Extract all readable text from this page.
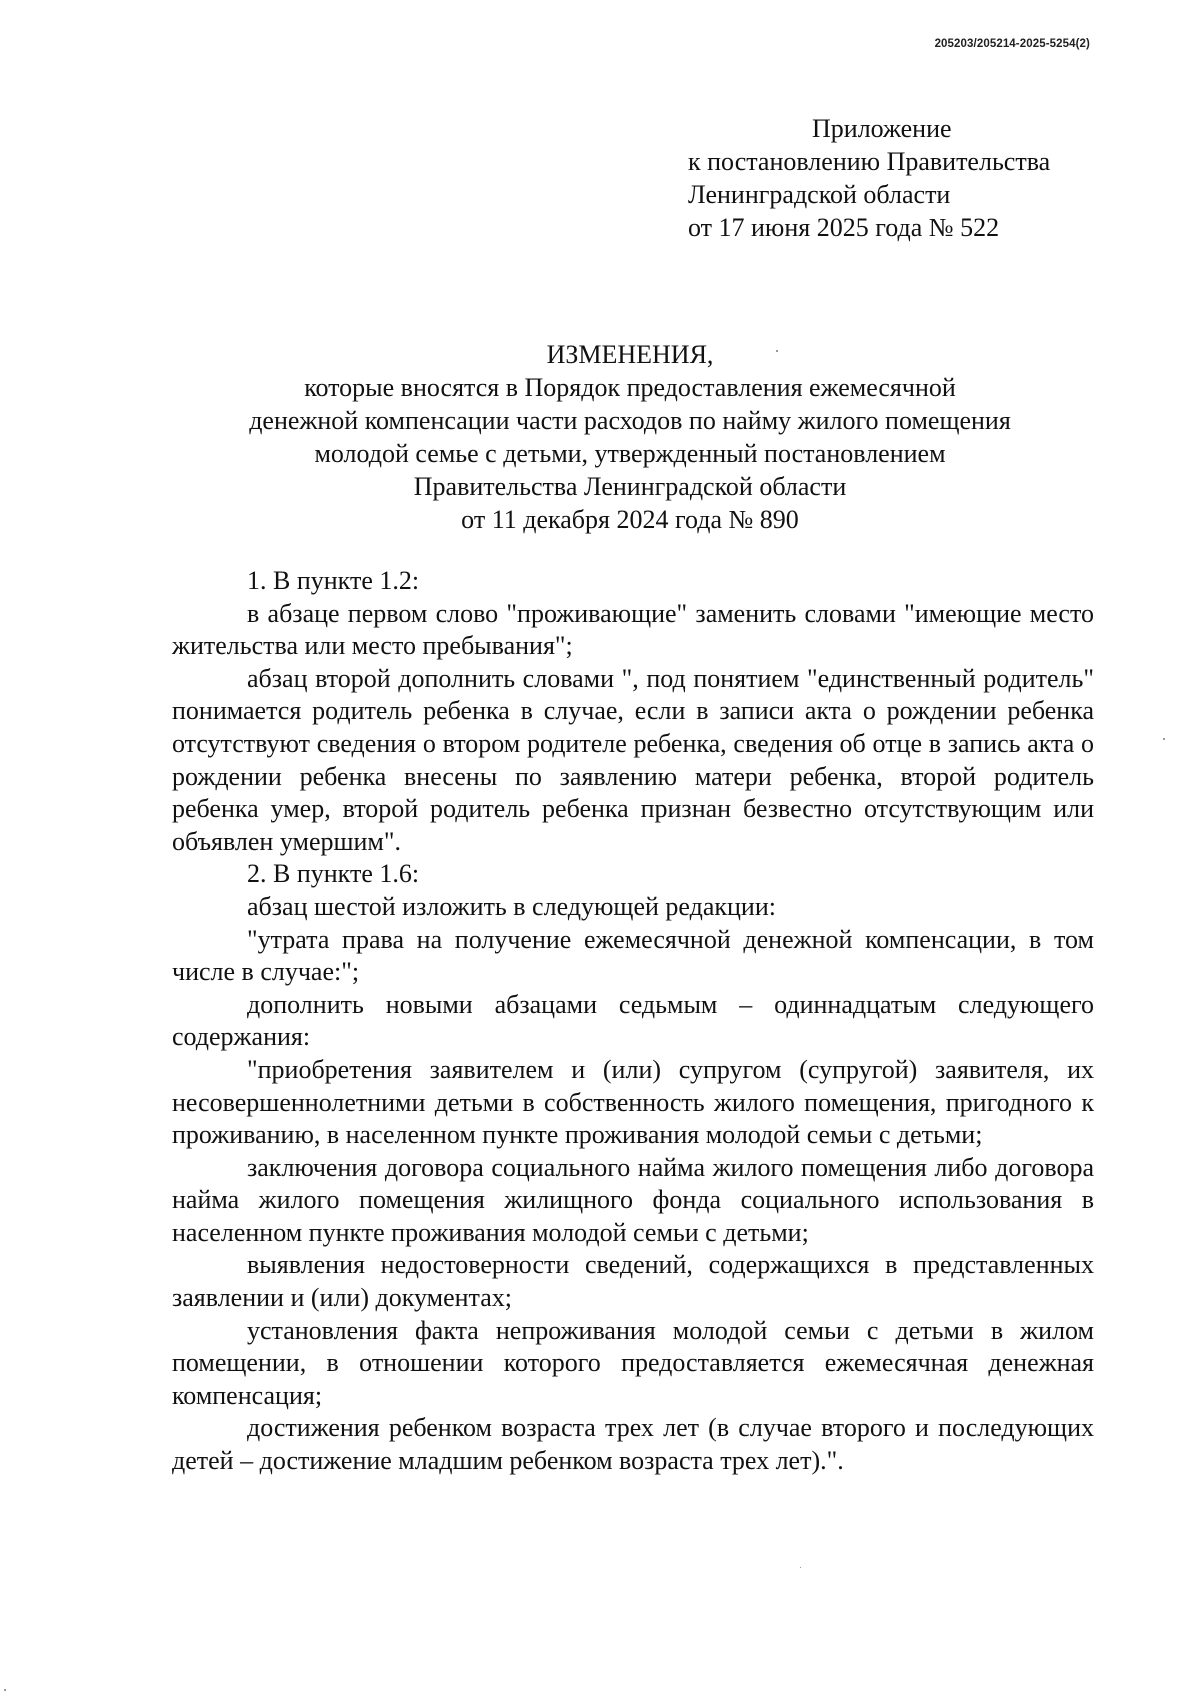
205203/205214-2025-5254(2)
Приложение
к постановлению Правительства
Ленинградской области
от 17 июня 2025 года № 522
ИЗМЕНЕНИЯ,
которые вносятся в Порядок предоставления ежемесячной
денежной компенсации части расходов по найму жилого помещения
молодой семье с детьми, утвержденный постановлением
Правительства Ленинградской области
от 11 декабря 2024 года № 890

1. В пункте 1.2:

в абзаце первом слово "проживающие" заменить словами "имеющие место жительства или место пребывания";

абзац второй дополнить словами ", под понятием "единственный родитель" понимается родитель ребенка в случае, если в записи акта о рождении ребенка отсутствуют сведения о втором родителе ребенка, сведения об отце в запись акта о рождении ребенка внесены по заявлению матери ребенка, второй родитель ребенка умер, второй родитель ребенка признан безвестно отсутствующим или объявлен умершим".

2. В пункте 1.6:

абзац шестой изложить в следующей редакции:

"утрата права на получение ежемесячной денежной компенсации, в том числе в случае:";

дополнить новыми абзацами седьмым – одиннадцатым следующего содержания:

"приобретения заявителем и (или) супругом (супругой) заявителя, их несовершеннолетними детьми в собственность жилого помещения, пригодного к проживанию, в населенном пункте проживания молодой семьи с детьми;

заключения договора социального найма жилого помещения либо договора найма жилого помещения жилищного фонда социального использования в населенном пункте проживания молодой семьи с детьми;

выявления недостоверности сведений, содержащихся в представленных заявлении и (или) документах;

установления факта непроживания молодой семьи с детьми в жилом помещении, в отношении которого предоставляется ежемесячная денежная компенсация;

достижения ребенком возраста трех лет (в случае второго и последующих детей – достижение младшим ребенком возраста трех лет).".
